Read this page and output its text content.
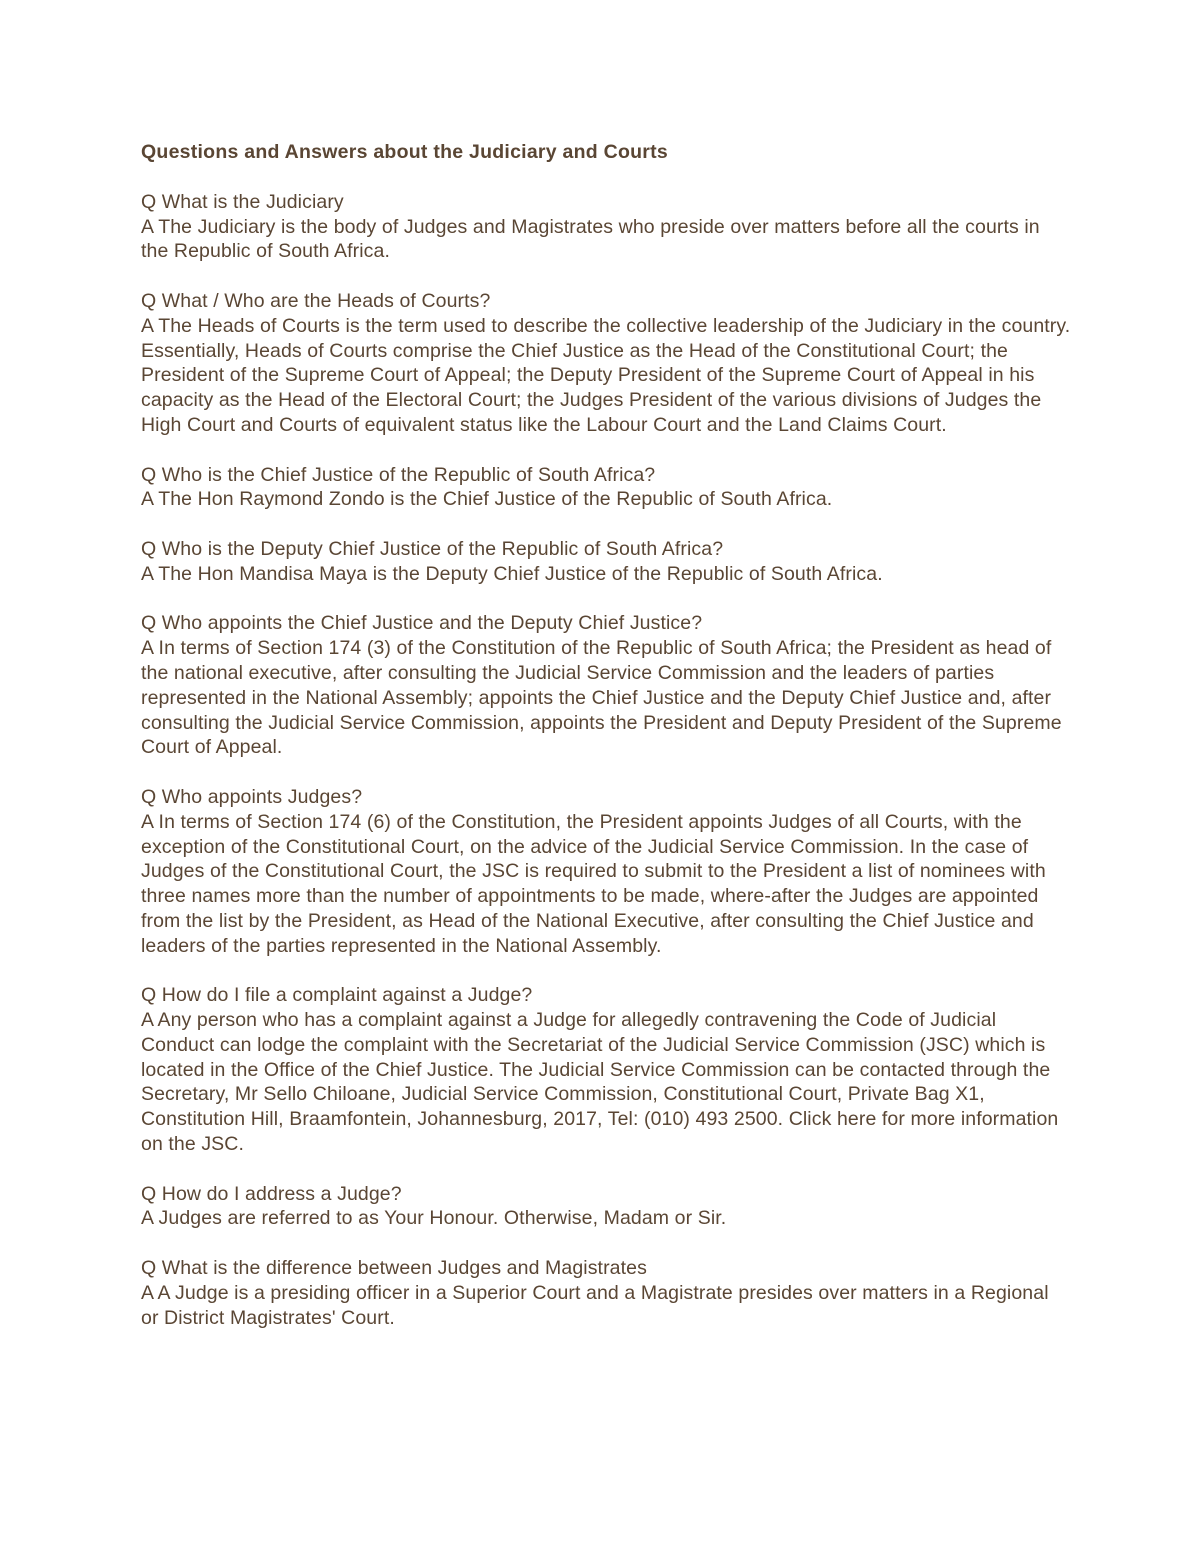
Questions and Answers about the Judiciary and Courts

Q What is the Judiciary

A The Judiciary is the body of Judges and Magistrates who preside over matters before all the courts in the Republic of South Africa.

Q What / Who are the Heads of Courts?

A The Heads of Courts is the term used to describe the collective leadership of the Judiciary in the country. Essentially, Heads of Courts comprise the Chief Justice as the Head of the Constitutional Court; the President of the Supreme Court of Appeal; the Deputy President of the Supreme Court of Appeal in his capacity as the Head of the Electoral Court; the Judges President of the various divisions of Judges the High Court and Courts of equivalent status like the Labour Court and the Land Claims Court.

Q Who is the Chief Justice of the Republic of South Africa?

A The Hon Raymond Zondo is the Chief Justice of the Republic of South Africa.

Q Who is the Deputy Chief Justice of the Republic of South Africa?

A The Hon Mandisa Maya is the Deputy Chief Justice of the Republic of South Africa.

Q Who appoints the Chief Justice and the Deputy Chief Justice?

A In terms of Section 174 (3) of the Constitution of the Republic of South Africa; the President as head of the national executive, after consulting the Judicial Service Commission and the leaders of parties represented in the National Assembly; appoints the Chief Justice and the Deputy Chief Justice and, after consulting the Judicial Service Commission, appoints the President and Deputy President of the Supreme Court of Appeal.

Q Who appoints Judges?

A In terms of Section 174 (6) of the Constitution, the President appoints Judges of all Courts, with the exception of the Constitutional Court, on the advice of the Judicial Service Commission. In the case of Judges of the Constitutional Court, the JSC is required to submit to the President a list of nominees with three names more than the number of appointments to be made, where-after the Judges are appointed from the list by the President, as Head of the National Executive, after consulting the Chief Justice and leaders of the parties represented in the National Assembly.

Q How do I file a complaint against a Judge?

A Any person who has a complaint against a Judge for allegedly contravening the Code of Judicial Conduct can lodge the complaint with the Secretariat of the Judicial Service Commission (JSC) which is located in the Office of the Chief Justice. The Judicial Service Commission can be contacted through the Secretary, Mr Sello Chiloane, Judicial Service Commission, Constitutional Court, Private Bag X1, Constitution Hill, Braamfontein, Johannesburg, 2017, Tel: (010) 493 2500. Click here for more information on the JSC.

Q How do I address a Judge?

A Judges are referred to as Your Honour. Otherwise, Madam or Sir.

Q What is the difference between Judges and Magistrates

A A Judge is a presiding officer in a Superior Court and a Magistrate presides over matters in a Regional or District Magistrates' Court.
